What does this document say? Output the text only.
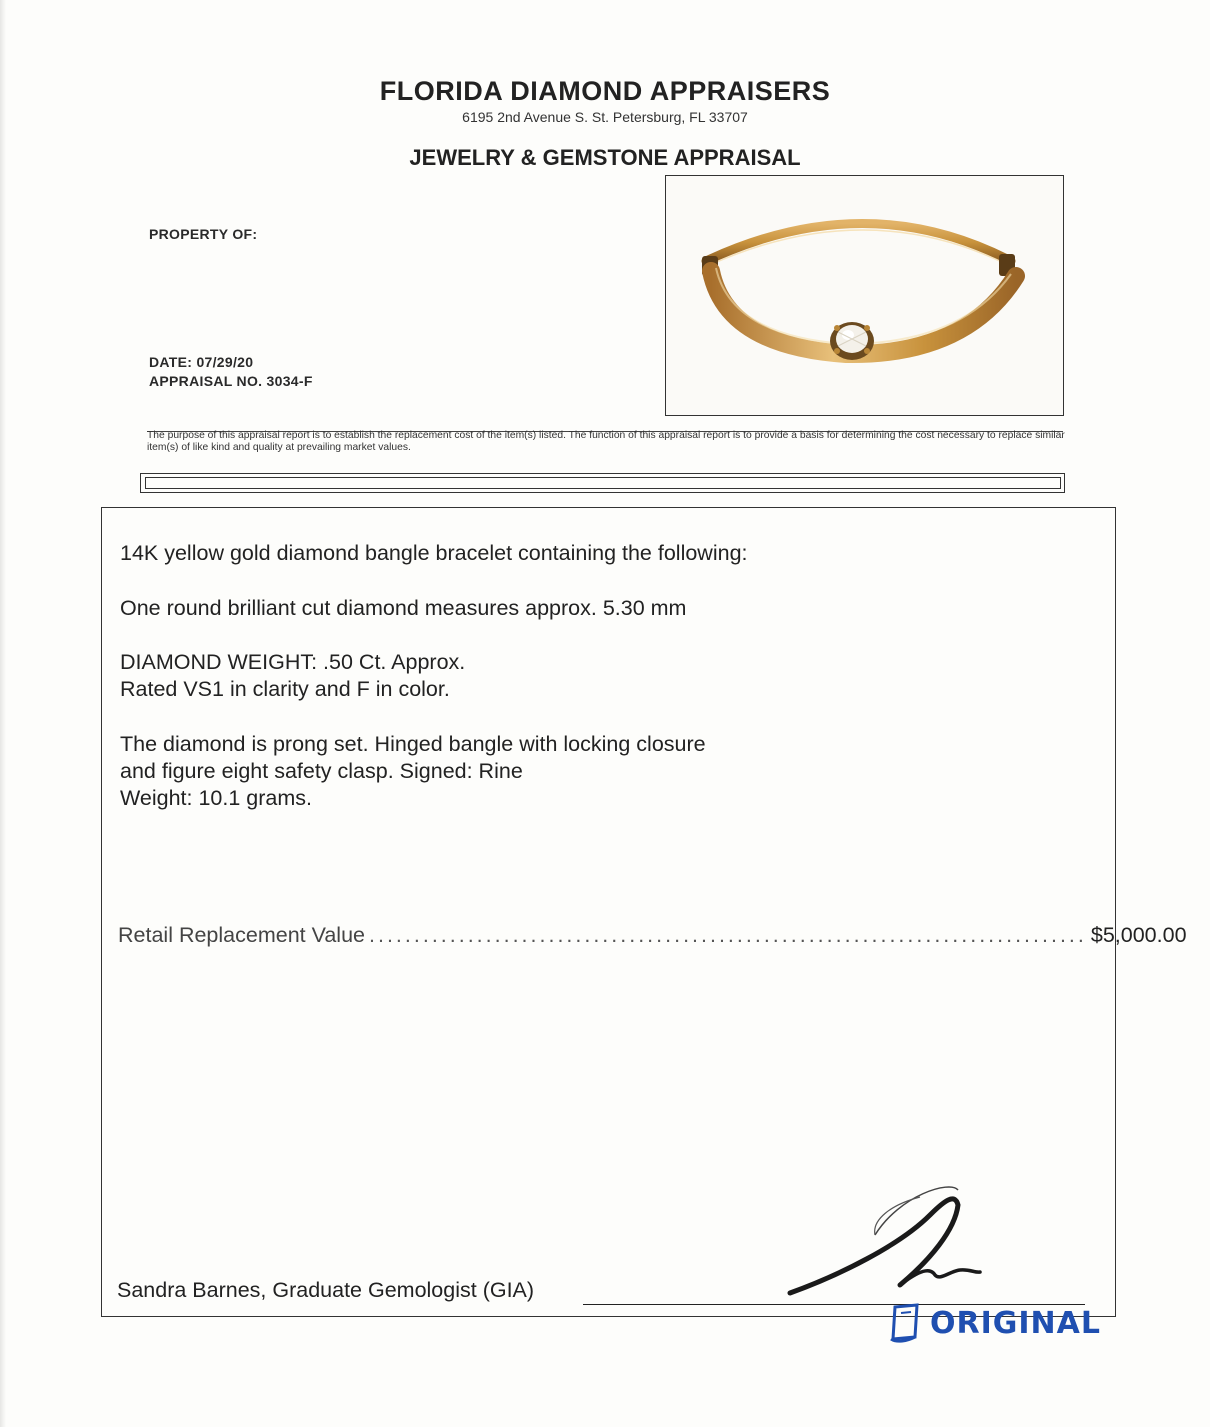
FLORIDA DIAMOND APPRAISERS
6195 2nd Avenue S. St. Petersburg, FL 33707
JEWELRY & GEMSTONE APPRAISAL
PROPERTY OF:
DATE: 07/29/20
APPRAISAL NO. 3034-F
The purpose of this appraisal report is to establish the replacement cost of the item(s) listed. The function of this appraisal report is to provide a basis for determining the cost necessary to replace similar item(s) of like kind and quality at prevailing market values.
14K yellow gold diamond bangle bracelet containing the following:
One round brilliant cut diamond measures approx. 5.30 mm
DIAMOND WEIGHT: .50 Ct. Approx.
Rated VS1 in clarity and F in color.
The diamond is prong set. Hinged bangle with locking closure
and figure eight safety clasp. Signed: Rine
Weight: 10.1 grams.
Retail Replacement Value ................................................................................ $5,000.00
Sandra Barnes, Graduate Gemologist (GIA)
ORIGINAL
